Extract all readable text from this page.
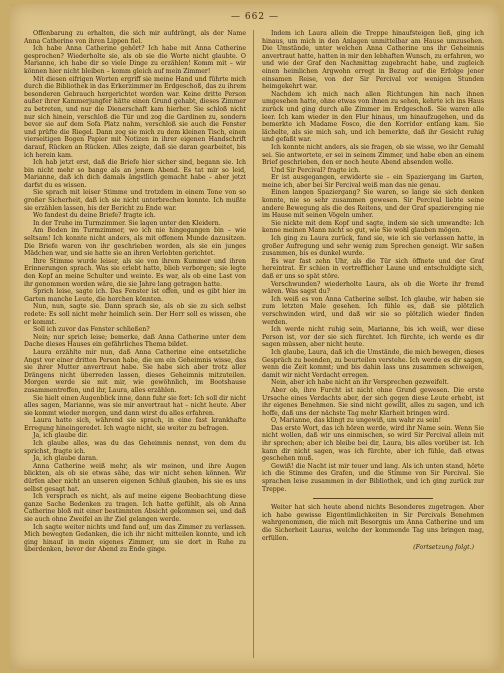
— 662 —

Offenbarung zu erhalten, die sich mir aufdrängt, als der Name Anna Catherine von ihren Lippen fiel.

Ich habe Anna Catherine gehört? Ich habe mit Anna Catherine gesprochen? Wiederholte sie, als ob sie die Worte nicht glaubte. O Marianne, ich habe dir so viele Dinge zu erzählen! Komm mit – wir können hier nicht bleiben – komm gleich auf mein Zimmer!

Mit diesen eifrigen Worten ergriff sie meine Hand und führte mich durch die Bibliothek in das Erkerzimmer im Erdgeschoß, das zu ihrem besonderen Gebrauch hergerichtet worden war. Keine dritte Person außer ihrer Kammerjungfer hätte einen Grund gehabt, dieses Zimmer zu betreten, und nur die Dienerschaft kam hierher. Sie schloß nicht nur sich hinein, verschloß die Tür und zog die Gardinen zu, sondern bevor sie auf dem Sofa Platz nahm, verschloß sie auch die Fenster und prüfte die Riegel. Dann zog sie mich zu dem kleinen Tisch, einen vierseitigen Bogen Papier mit Notizen in ihrer eigenen Handschrift darauf, Rücken an Rücken. Alles zeigte, daß sie daran gearbeitet, bis ich herein kam.

Ich hab jetzt erst, daß die Briefe hier sicher sind, begann sie. Ich bin nicht mehr so bange als an jenem Abend. Es tat mir so leid, Marianne, daß ich dich damals ängstlich gemacht habe – aber jetzt darfst du es wissen.

Sie sprach mit leiser Stimme und trotzdem in einem Tone von so großer Sicherheit, daß ich sie nicht unterbrechen konnte. Ich mußte sie erzählen lassen, bis der Bericht zu Ende war.

Wo fandest du deine Briefe? fragte ich.

In der Truhe im Turmzimmer. Sie lagen unter den Kleidern.

Am Boden im Turmzimmer, wo ich nie hingegangen bin – wie seltsam! Ich konnte nicht anders, als mit offenem Munde dazusitzen. Die Briefe waren von ihr geschrieben worden, als sie ein junges Mädchen war, und sie hatte sie an ihren Verlobten gerichtet.

Ihre Stimme wurde leiser, als sie von ihrem Kummer und ihren Erinnerungen sprach. Was sie erlebt hatte, blieb verborgen; sie legte den Kopf an meine Schulter und weinte. Es war, als ob eine Last von ihr genommen worden wäre, die sie Jahre lang getragen hatte.

Sprich leise, sagte ich. Das Fenster ist offen, und es gibt hier im Garten manche Leute, die horchen könnten.

Nun, nun, sagte sie. Dann sprach sie, als ob sie zu sich selbst redete: Es soll nicht mehr heimlich sein. Der Herr soll es wissen, ehe er kommt.

Soll ich zuvor das Fenster schließen?

Nein; nur sprich leise; bemerke, daß Anna Catherine unter dem Dache dieses Hauses ein gefährliches Thema bildet.

Laura erzählte mir nun, daß Anna Catherine eine entsetzliche Angst vor einer dritten Person habe, die um ein Geheimnis wisse, das sie ihrer Mutter anvertraut habe. Sie habe sich aber trotz aller Drängens nicht überreden lassen, dieses Geheimnis mitzuteilen. Morgen werde sie mit mir, wie gewöhnlich, im Bootshause zusammentreffen, und ihr, Laura, alles erzählen.

Sie hielt einen Augenblick inne, dann fuhr sie fort: Ich soll dir nicht alles sagen, Marianne, was sie mir anvertraut hat – nicht heute. Aber sie kommt wieder morgen, und dann wirst du alles erfahren.

Laura hatte sich, während sie sprach, in eine fast krankhafte Erregung hineingeredet. Ich wagte nicht, sie weiter zu befragen.

Ja, ich glaube dir.

Ich glaube alles, was du das Geheimnis nennst, von dem du sprichst, fragte ich.

Ja, ich glaube daran.

Anna Catherine weiß mehr, als wir meinen, und ihre Augen blickten, als ob sie etwas sähe, das wir nicht sehen können. Wir dürfen aber nicht an unseren eigenen Schluß glauben, bis sie es uns selbst gesagt hat.

Ich versprach es nicht, als auf meine eigene Beobachtung diese ganze Sache Bedenken zu tragen. Ich hatte gefühlt, als ob Anna Catherine bloß mit einer bestimmten Absicht gekommen sei, und daß sie auch ohne Zweifel an ihr Ziel gelangen werde.

Ich sagte weiter nichts und fand auf, um das Zimmer zu verlassen. Mich bewegten Gedanken, die ich ihr nicht mitteilen konnte, und ich ging hinauf in mein eigenes Zimmer, um sie dort in Ruhe zu überdenken, bevor der Abend zu Ende ginge.

Indem ich Laura allein die Treppe hinaufsteigen ließ, ging ich hinaus, um mich in den Anlagen unmittelbar am Hause umzusehen. Die Umstände, unter welchen Anna Catherine uns ihr Geheimnis anvertraut hatte, hatten in mir den lebhaften Wunsch, zu erfahren, wo und wie der Graf den Nachmittag zugebracht habe, und zugleich einen heimlichen Argwohn erregt in Bezug auf die Erfolge jener einsamen Reise, von der Sir Percival vor wenigen Stunden heimgekehrt war.

Nachdem ich mich nach allen Richtungen hin nach ihnen umgesehen hatte, ohne etwas von ihnen zu sehen, kehrte ich ins Haus zurück und ging durch alle Zimmer im Erdgeschoß. Sie waren alle leer. Ich kam wieder in den Flur hinaus, um hinaufzugehen, und da bemerkte ich Madame Fosco, die den Korridor entlang kam. Sie lächelte, als sie mich sah, und ich bemerkte, daß ihr Gesicht ruhig und gefaßt war.

Ich konnte nicht anders, als sie fragen, ob sie wisse, wo ihr Gemahl sei. Sie antwortete, er sei in seinem Zimmer, und habe eben an einem Brief geschrieben, den er noch heute Abend absenden wolle.

Und Sir Percival? fragte ich.

Er ist ausgegangen, erwiderte sie – ein Spaziergang im Garten, meine ich, aber bei Sir Percival weiß man das nie genau.

Einen langen Spaziergang? Sie waren, so lange sie sich denken konnte, nie so sehr zusammen gewesen. Sir Percival liebte seine andere Bewegung als die des Reitens, und der Graf spazierenging nie im Hause mit seinen Vögeln umher.

Sie nickte mit dem Kopf und sagte, indem sie sich umwandte: Ich kenne meinen Mann nicht so gut, wie Sie wohl glauben mögen.

Ich ging zu Laura zurück, fand sie, wie ich sie verlassen hatte, in großer Aufregung und sehr wenig zum Sprechen geneigt. Wir saßen zusammen, bis es dunkel wurde.

Es war fast zehn Uhr, als die Tür sich öffnete und der Graf hereintrat. Er schien in vortrefflicher Laune und entschuldigte sich, daß er uns so spät störe.

Verschwunden? wiederholte Laura, als ob die Worte ihr fremd wären. Was sagst du?

Ich weiß es von Anna Catherine selbst. Ich glaube, wir haben sie zum letzten Male gesehen. Ich fühle es, daß sie plötzlich verschwinden wird, und daß wir sie so plötzlich wieder finden werden.

Ich werde nicht ruhig sein, Marianne, bis ich weiß, wer diese Person ist, vor der sie sich fürchtet. Ich fürchte, ich werde es dir sagen müssen, aber nicht heute.

Ich glaube, Laura, daß ich die Umstände, die mich bewegen, dieses Gespräch zu beenden, zu beurteilen verstehe. Ich werde es dir sagen, wenn die Zeit kommt; und bis dahin lass uns zusammen schweigen, damit wir nicht Verdacht erregen.

Nein, aber ich habe nicht an ihr Versprechen gezweifelt.

Aber ob, ihre Furcht ist nicht ohne Grund gewesen. Die erste Ursache eines Verdachts aber, der sich gegen diese Leute erhebt, ist ihr eigenes Benehmen. Sie sind nicht gewillt, alles zu sagen, und ich hoffe, daß uns der nächste Tag mehr Klarheit bringen wird.

O, Marianne, das klingt zu ungewiß, um wahr zu sein!

Das erste Wort, das ich hören werde, wird ihr Name sein. Wenn Sie nicht wollen, daß wir uns einmischen, so wird Sir Percival allein mit ihr sprechen; aber ich bleibe bei dir, Laura, bis alles vorüber ist. Ich kann dir nicht sagen, was ich fürchte, aber ich fühle, daß etwas geschehen muß.

Gewiß! die Nacht ist mir teuer und lang. Als ich unten stand, hörte ich die Stimme des Grafen, und die Stimme von Sir Percival. Sie sprachen leise zusammen in der Bibliothek, und ich ging zurück zur Treppe.

Weiter hat sich heute abend nichts Besonderes zugetragen. Aber ich habe gewisse Eigentümlichkeiten in Sir Percivals Benehmen wahrgenommen, die mich mit Besorgnis um Anna Catherine und um die Sicherheit Lauras, welche der kommende Tag uns bringen mag, erfüllen.

(Fortsetzung folgt.)
